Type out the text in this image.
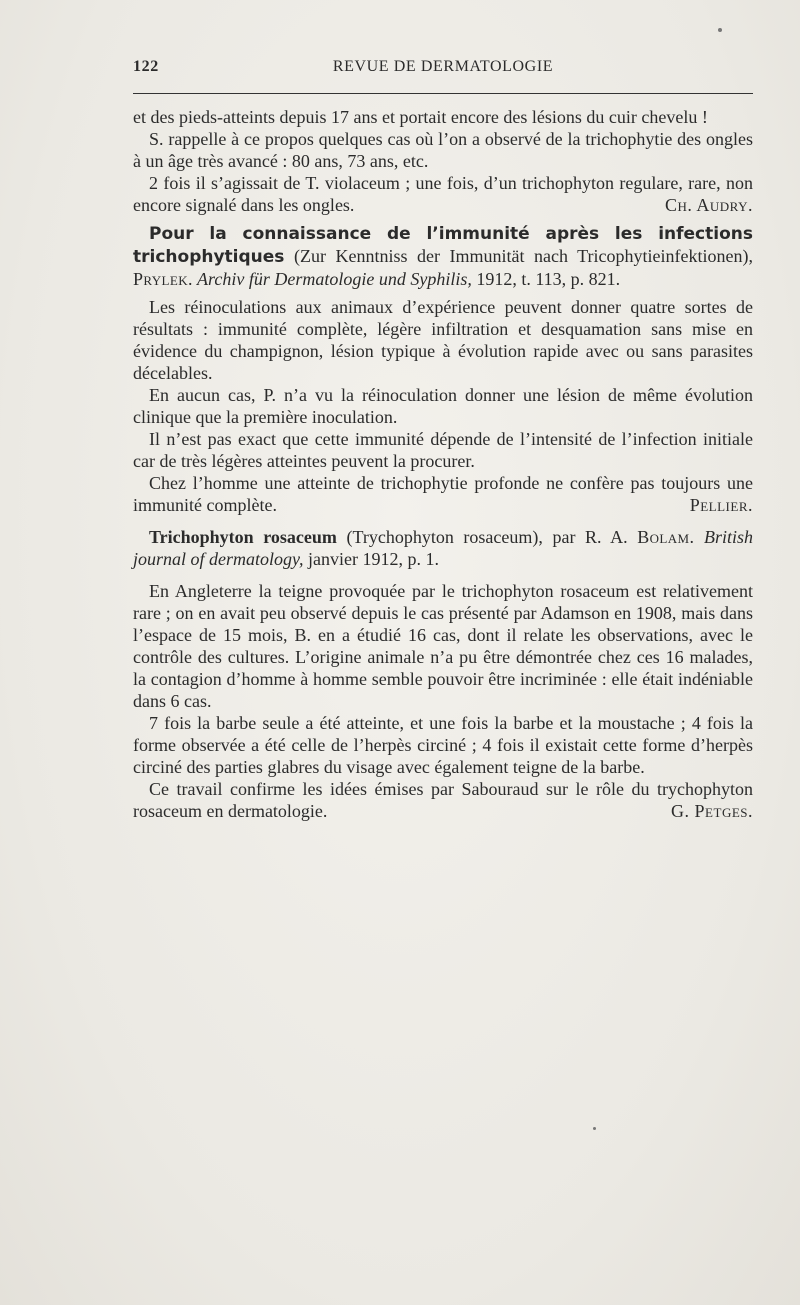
122	REVUE DE DERMATOLOGIE

et des pieds-atteints depuis 17 ans et portait encore des lésions du cuir chevelu !

S. rappelle à ce propos quelques cas où l’on a observé de la trichophytie des ongles à un âge très avancé : 80 ans, 73 ans, etc.

2 fois il s’agissait de T. violaceum ; une fois, d’un trichophyton regulare, rare, non encore signalé dans les ongles.	Ch. Audry.

Pour la connaissance de l’immunité après les infections trichophytiques (Zur Kenntniss der Immunität nach Tricophytieinfektionen), Prylek. Archiv für Dermatologie und Syphilis, 1912, t. 113, p. 821.

Les réinoculations aux animaux d’expérience peuvent donner quatre sortes de résultats : immunité complète, légère infiltration et desquamation sans mise en évidence du champignon, lésion typique à évolution rapide avec ou sans parasites décelables.

En aucun cas, P. n’a vu la réinoculation donner une lésion de même évolution clinique que la première inoculation.

Il n’est pas exact que cette immunité dépende de l’intensité de l’infection initiale car de très légères atteintes peuvent la procurer.

Chez l’homme une atteinte de trichophytie profonde ne confère pas toujours une immunité complète.	Pellier.

Trichophyton rosaceum (Trychophyton rosaceum), par R. A. Bolam. British journal of dermatology, janvier 1912, p. 1.

En Angleterre la teigne provoquée par le trichophyton rosaceum est relativement rare ; on en avait peu observé depuis le cas présenté par Adamson en 1908, mais dans l’espace de 15 mois, B. en a étudié 16 cas, dont il relate les observations, avec le contrôle des cultures. L’origine animale n’a pu être démontrée chez ces 16 malades, la contagion d’homme à homme semble pouvoir être incriminée : elle était indéniable dans 6 cas.

7 fois la barbe seule a été atteinte, et une fois la barbe et la moustache ; 4 fois la forme observée a été celle de l’herpès circiné ; 4 fois il existait cette forme d’herpès circiné des parties glabres du visage avec également teigne de la barbe.

Ce travail confirme les idées émises par Sabouraud sur le rôle du trychophyton rosaceum en dermatologie.	G. Petges.
